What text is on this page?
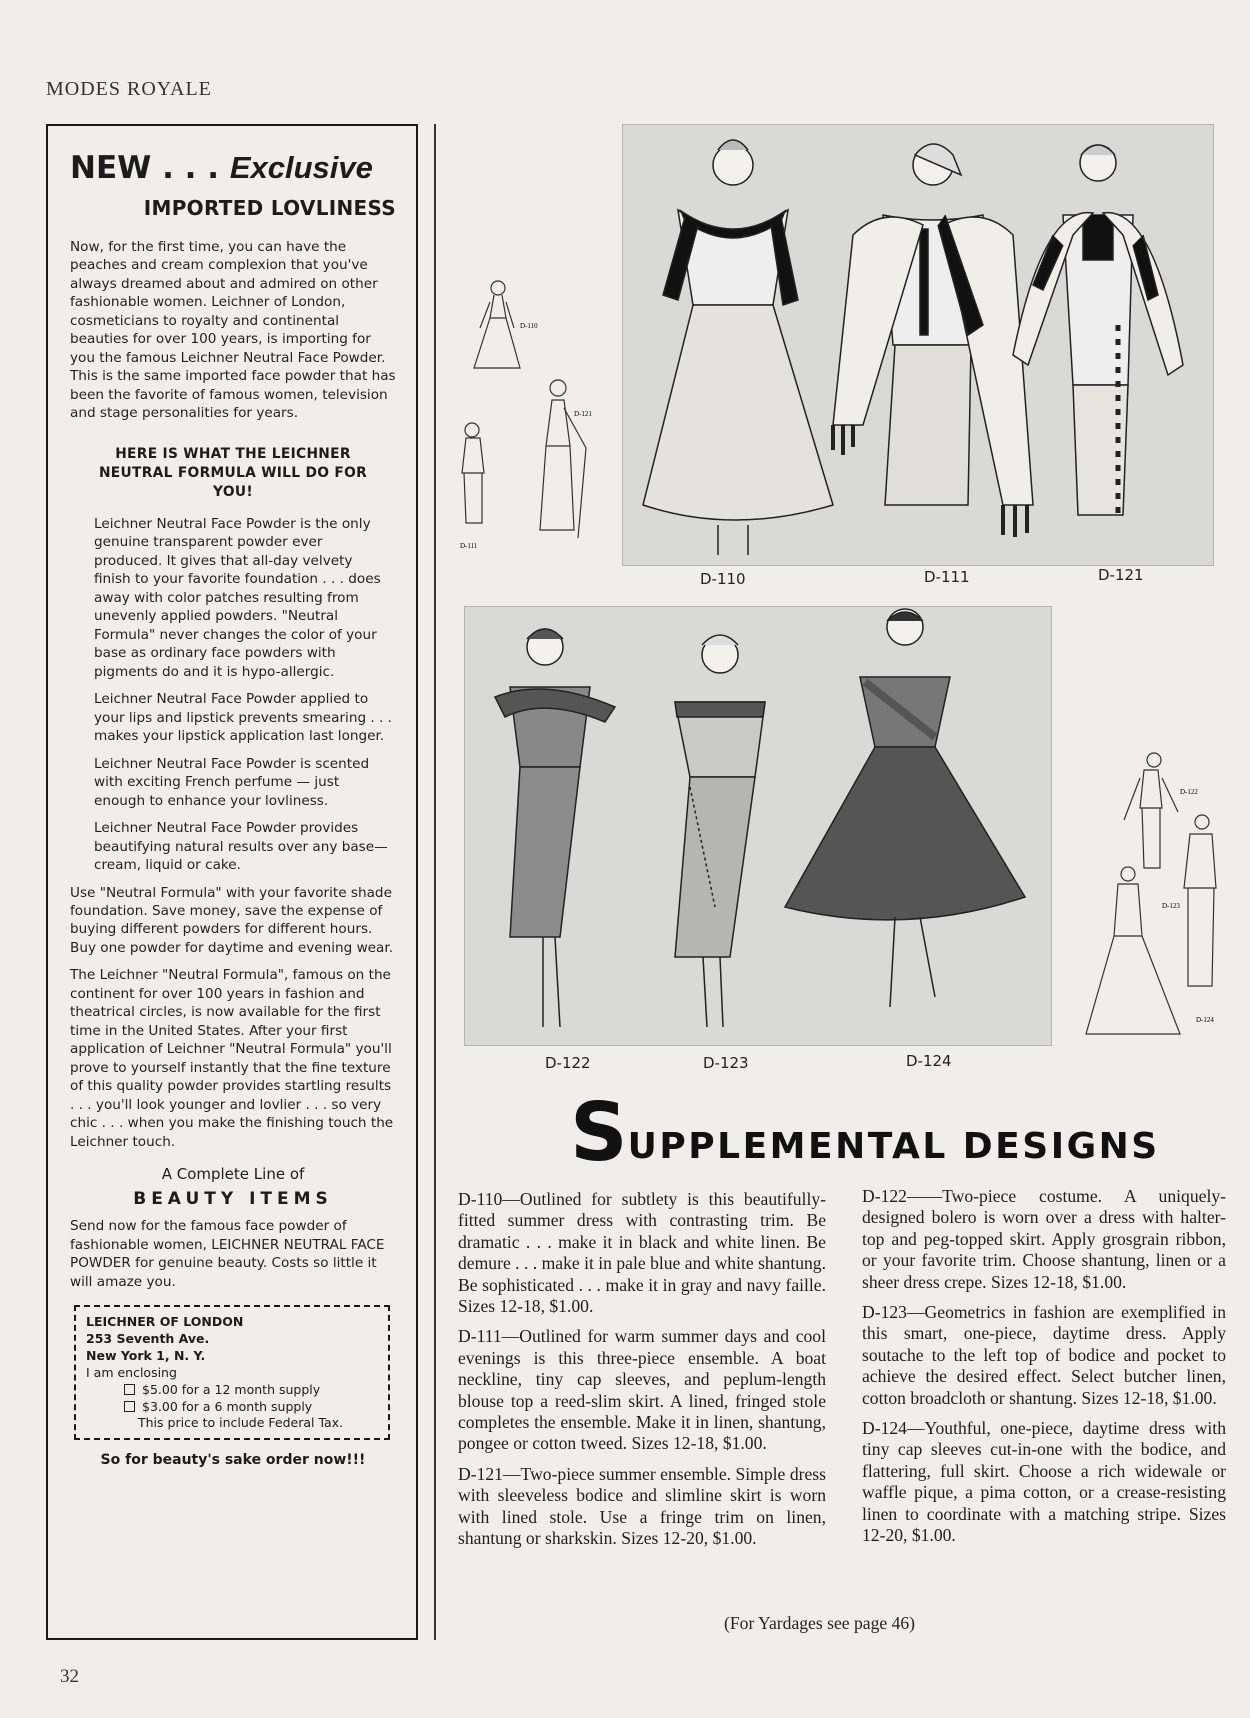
MODES ROYALE
NEW . . . Exclusive
IMPORTED LOVLINESS

Now, for the first time, you can have the peaches and cream complexion that you've always dreamed about and admired on other fashionable women. Leichner of London, cosmeticians to royalty and continental beauties for over 100 years, is importing for you the famous Leichner Neutral Face Powder. This is the same imported face powder that has been the favorite of famous women, television and stage personalities for years.

HERE IS WHAT THE LEICHNER NEUTRAL FORMULA WILL DO FOR YOU!

Leichner Neutral Face Powder is the only genuine transparent powder ever produced. It gives that all-day velvety finish to your favorite foundation . . . does away with color patches resulting from unevenly applied powders. "Neutral Formula" never changes the color of your base as ordinary face powders with pigments do and it is hypo-allergic.

Leichner Neutral Face Powder applied to your lips and lipstick prevents smearing . . . makes your lipstick application last longer.

Leichner Neutral Face Powder is scented with exciting French perfume — just enough to enhance your lovliness.

Leichner Neutral Face Powder provides beautifying natural results over any base—cream, liquid or cake.

Use "Neutral Formula" with your favorite shade foundation. Save money, save the expense of buying different powders for different hours. Buy one powder for daytime and evening wear.

The Leichner "Neutral Formula", famous on the continent for over 100 years in fashion and theatrical circles, is now available for the first time in the United States. After your first application of Leichner "Neutral Formula" you'll prove to yourself instantly that the fine texture of this quality powder provides startling results . . . you'll look younger and lovlier . . . so very chic . . . when you make the finishing touch the Leichner touch.

A Complete Line of
BEAUTY ITEMS

Send now for the famous face powder of fashionable women, LEICHNER NEUTRAL FACE POWDER for genuine beauty. Costs so little it will amaze you.

LEICHNER OF LONDON
253 Seventh Ave.
New York 1, N. Y.
I am enclosing
$5.00 for a 12 month supply
$3.00 for a 6 month supply
This price to include Federal Tax.
So for beauty's sake order now!!!
D-110
D-121
D-111
D-110	D-111	D-121
D-122	D-123	D-124
D-122
D-123
D-124
SUPPLEMENTAL DESIGNS

D-110—Outlined for subtlety is this beautifully-fitted summer dress with contrasting trim. Be dramatic . . . make it in black and white linen. Be demure . . . make it in pale blue and white shantung. Be sophisticated . . . make it in gray and navy faille. Sizes 12-18, $1.00.

D-111—Outlined for warm summer days and cool evenings is this three-piece ensemble. A boat neckline, tiny cap sleeves, and peplum-length blouse top a reed-slim skirt. A lined, fringed stole completes the ensemble. Make it in linen, shantung, pongee or cotton tweed. Sizes 12-18, $1.00.

D-121—Two-piece summer ensemble. Simple dress with sleeveless bodice and slimline skirt is worn with lined stole. Use a fringe trim on linen, shantung or sharkskin. Sizes 12-20, $1.00.

D-122——Two-piece costume. A uniquely-designed bolero is worn over a dress with halter-top and peg-topped skirt. Apply grosgrain ribbon, or your favorite trim. Choose shantung, linen or a sheer dress crepe. Sizes 12-18, $1.00.

D-123—Geometrics in fashion are exemplified in this smart, one-piece, daytime dress. Apply soutache to the left top of bodice and pocket to achieve the desired effect. Select butcher linen, cotton broadcloth or shantung. Sizes 12-18, $1.00.

D-124—Youthful, one-piece, daytime dress with tiny cap sleeves cut-in-one with the bodice, and flattering, full skirt. Choose a rich widewale or waffle pique, a pima cotton, or a crease-resisting linen to coordinate with a matching stripe. Sizes 12-20, $1.00.

(For Yardages see page 46)
32
